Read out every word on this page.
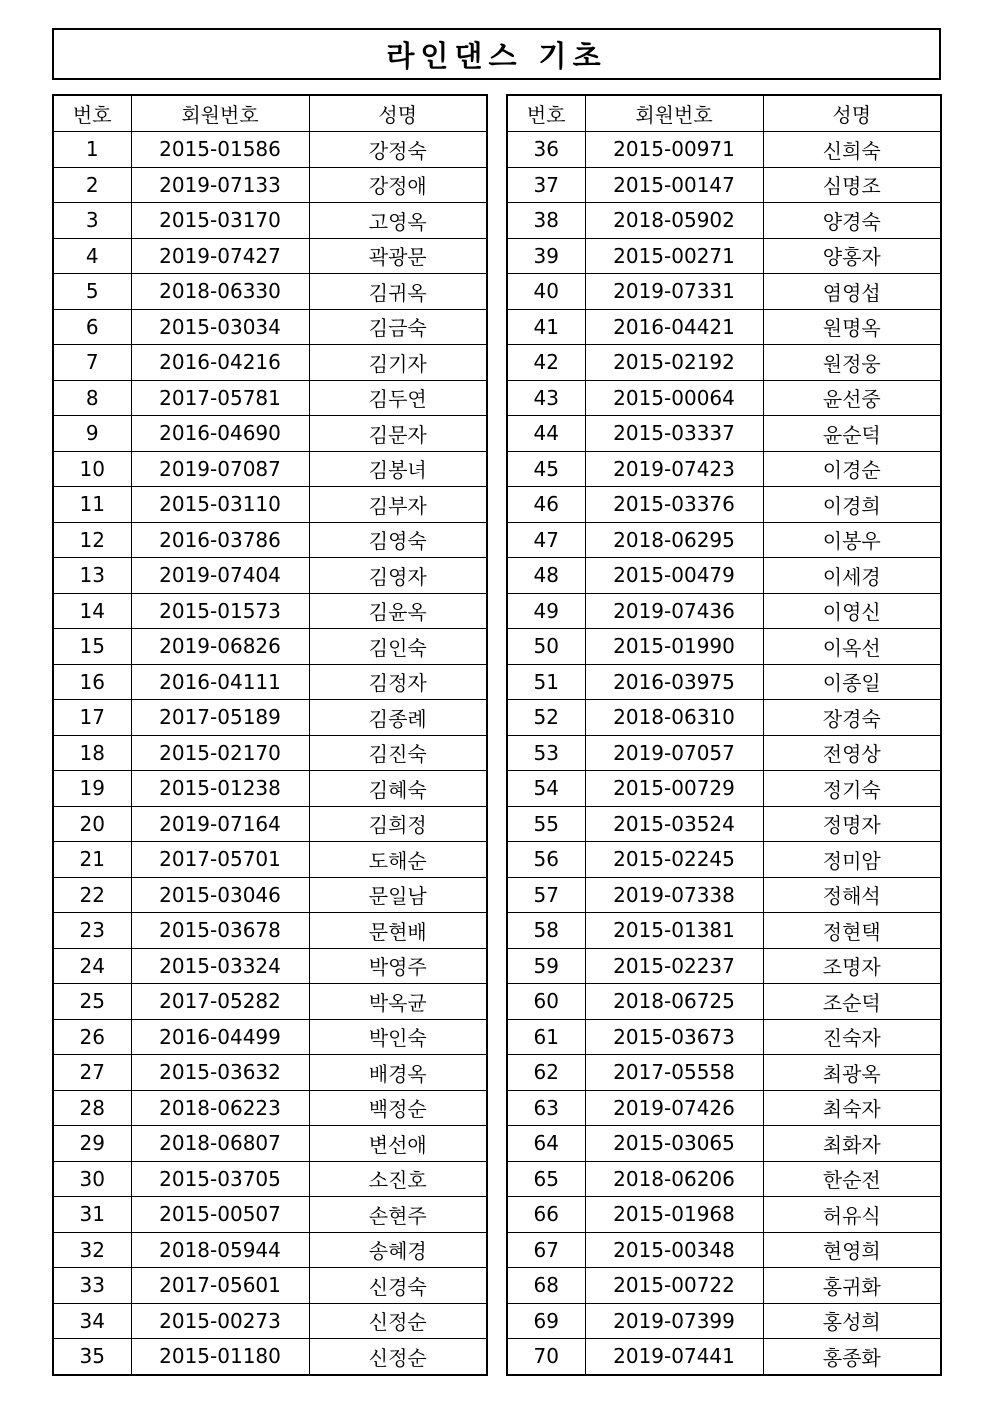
라인댄스 기초
번호	회원번호	성명
1	2015-01586	강정숙
2	2019-07133	강정애
3	2015-03170	고영옥
4	2019-07427	곽광문
5	2018-06330	김귀옥
6	2015-03034	김금숙
7	2016-04216	김기자
8	2017-05781	김두연
9	2016-04690	김문자
10	2019-07087	김봉녀
11	2015-03110	김부자
12	2016-03786	김영숙
13	2019-07404	김영자
14	2015-01573	김윤옥
15	2019-06826	김인숙
16	2016-04111	김정자
17	2017-05189	김종례
18	2015-02170	김진숙
19	2015-01238	김혜숙
20	2019-07164	김희정
21	2017-05701	도해순
22	2015-03046	문일남
23	2015-03678	문현배
24	2015-03324	박영주
25	2017-05282	박옥균
26	2016-04499	박인숙
27	2015-03632	배경옥
28	2018-06223	백정순
29	2018-06807	변선애
30	2015-03705	소진호
31	2015-00507	손현주
32	2018-05944	송혜경
33	2017-05601	신경숙
34	2015-00273	신정순
35	2015-01180	신정순
번호	회원번호	성명
36	2015-00971	신희숙
37	2015-00147	심명조
38	2018-05902	양경숙
39	2015-00271	양홍자
40	2019-07331	염영섭
41	2016-04421	원명옥
42	2015-02192	원정웅
43	2015-00064	윤선중
44	2015-03337	윤순덕
45	2019-07423	이경순
46	2015-03376	이경희
47	2018-06295	이봉우
48	2015-00479	이세경
49	2019-07436	이영신
50	2015-01990	이옥선
51	2016-03975	이종일
52	2018-06310	장경숙
53	2019-07057	전영상
54	2015-00729	정기숙
55	2015-03524	정명자
56	2015-02245	정미암
57	2019-07338	정해석
58	2015-01381	정현택
59	2015-02237	조명자
60	2018-06725	조순덕
61	2015-03673	진숙자
62	2017-05558	최광옥
63	2019-07426	최숙자
64	2015-03065	최화자
65	2018-06206	한순전
66	2015-01968	허유식
67	2015-00348	현영희
68	2015-00722	홍귀화
69	2019-07399	홍성희
70	2019-07441	홍종화
